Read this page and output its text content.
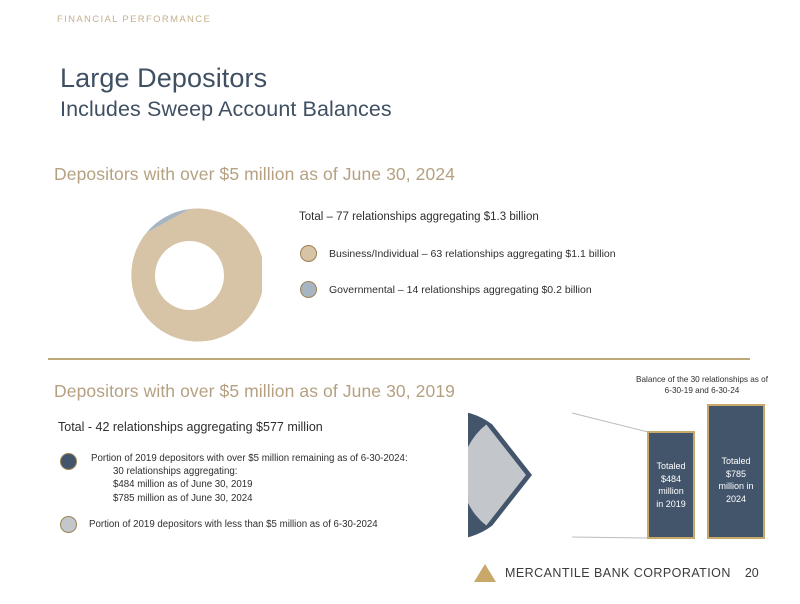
FINANCIAL PERFORMANCE
Large Depositors
Includes Sweep Account Balances
Depositors with over $5 million as of June 30, 2024
Total – 77 relationships aggregating $1.3 billion
Business/Individual – 63 relationships aggregating $1.1 billion
Governmental – 14 relationships aggregating $0.2 billion
Depositors with over $5 million as of June 30, 2019
Total - 42 relationships aggregating $577 million
Portion of 2019 depositors with over $5 million remaining as of 6-30-2024:
30 relationships aggregating:
$484 million as of June 30, 2019
$785 million as of June 30, 2024
Portion of 2019 depositors with less than $5 million as of 6-30-2024
Balance of the 30 relationships as of
6-30-19 and 6-30-24
30
relationships
over $5 million
as of
June 30, 2024
Totaled
$484
million
in 2019
Totaled
$785
million in
2024
MERCANTILE BANK CORPORATION 20
